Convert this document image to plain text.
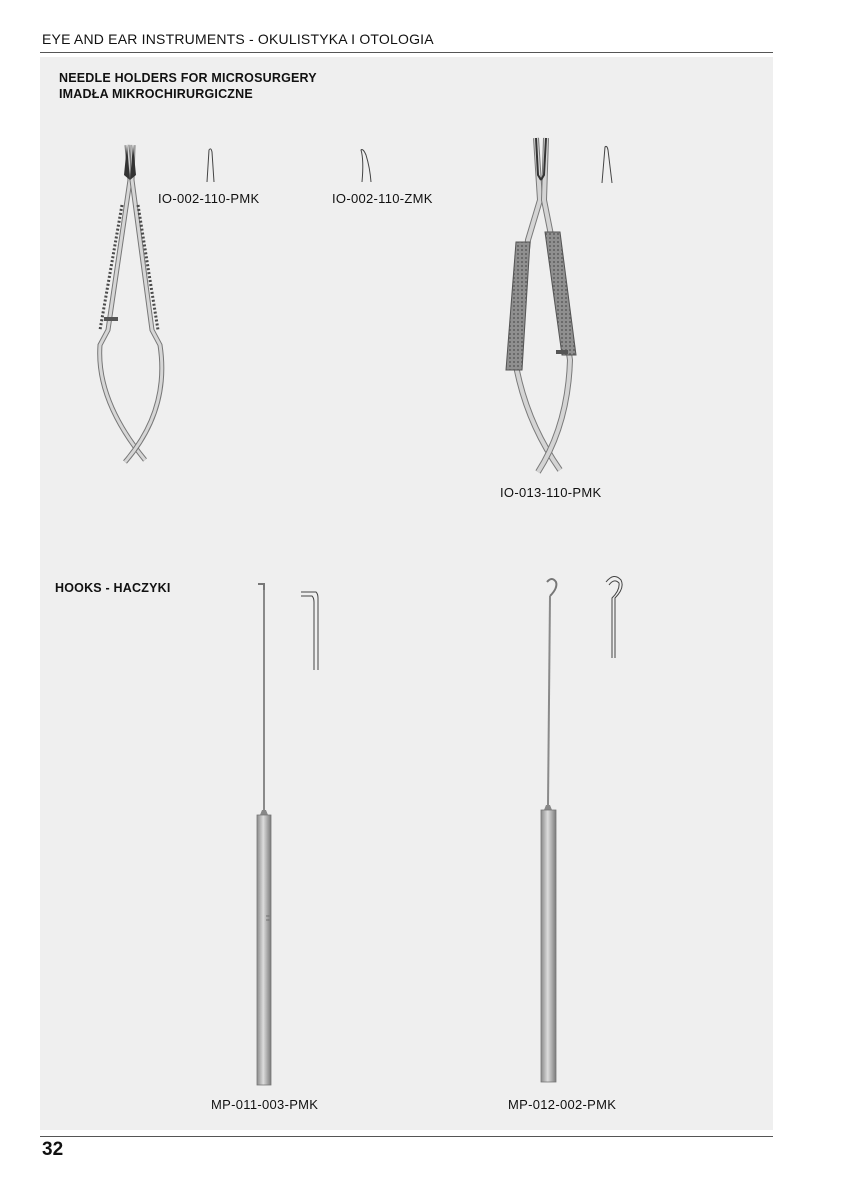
EYE AND EAR INSTRUMENTS - OKULISTYKA I OTOLOGIA
NEEDLE HOLDERS FOR MICROSURGERY
IMADŁA MIKROCHIRURGICZNE
HOOKS - HACZYKI
II II
IO-002-110-PMK	IO-002-110-ZMK
IO-013-110-PMK
MP-011-003-PMK	MP-012-002-PMK
32
